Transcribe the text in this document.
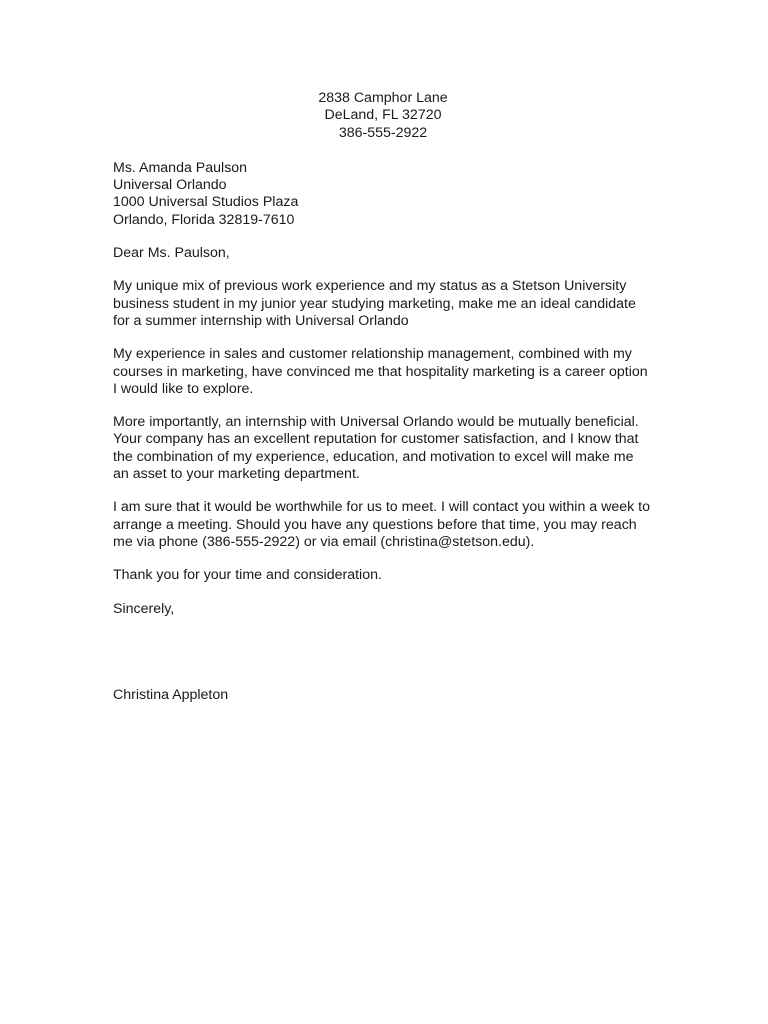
2838 Camphor Lane
DeLand, FL 32720
386-555-2922
Ms. Amanda Paulson
Universal Orlando
1000 Universal Studios Plaza
Orlando, Florida 32819-7610

Dear Ms. Paulson,

My unique mix of previous work experience and my status as a Stetson University business student in my junior year studying marketing, make me an ideal candidate for a summer internship with Universal Orlando

My experience in sales and customer relationship management, combined with my courses in marketing, have convinced me that hospitality marketing is a career option I would like to explore.

More importantly, an internship with Universal Orlando would be mutually beneficial. Your company has an excellent reputation for customer satisfaction, and I know that the combination of my experience, education, and motivation to excel will make me an asset to your marketing department.

I am sure that it would be worthwhile for us to meet. I will contact you within a week to arrange a meeting. Should you have any questions before that time, you may reach me via phone (386-555-2922) or via email (christina@stetson.edu).

Thank you for your time and consideration.

Sincerely,

Christina Appleton
